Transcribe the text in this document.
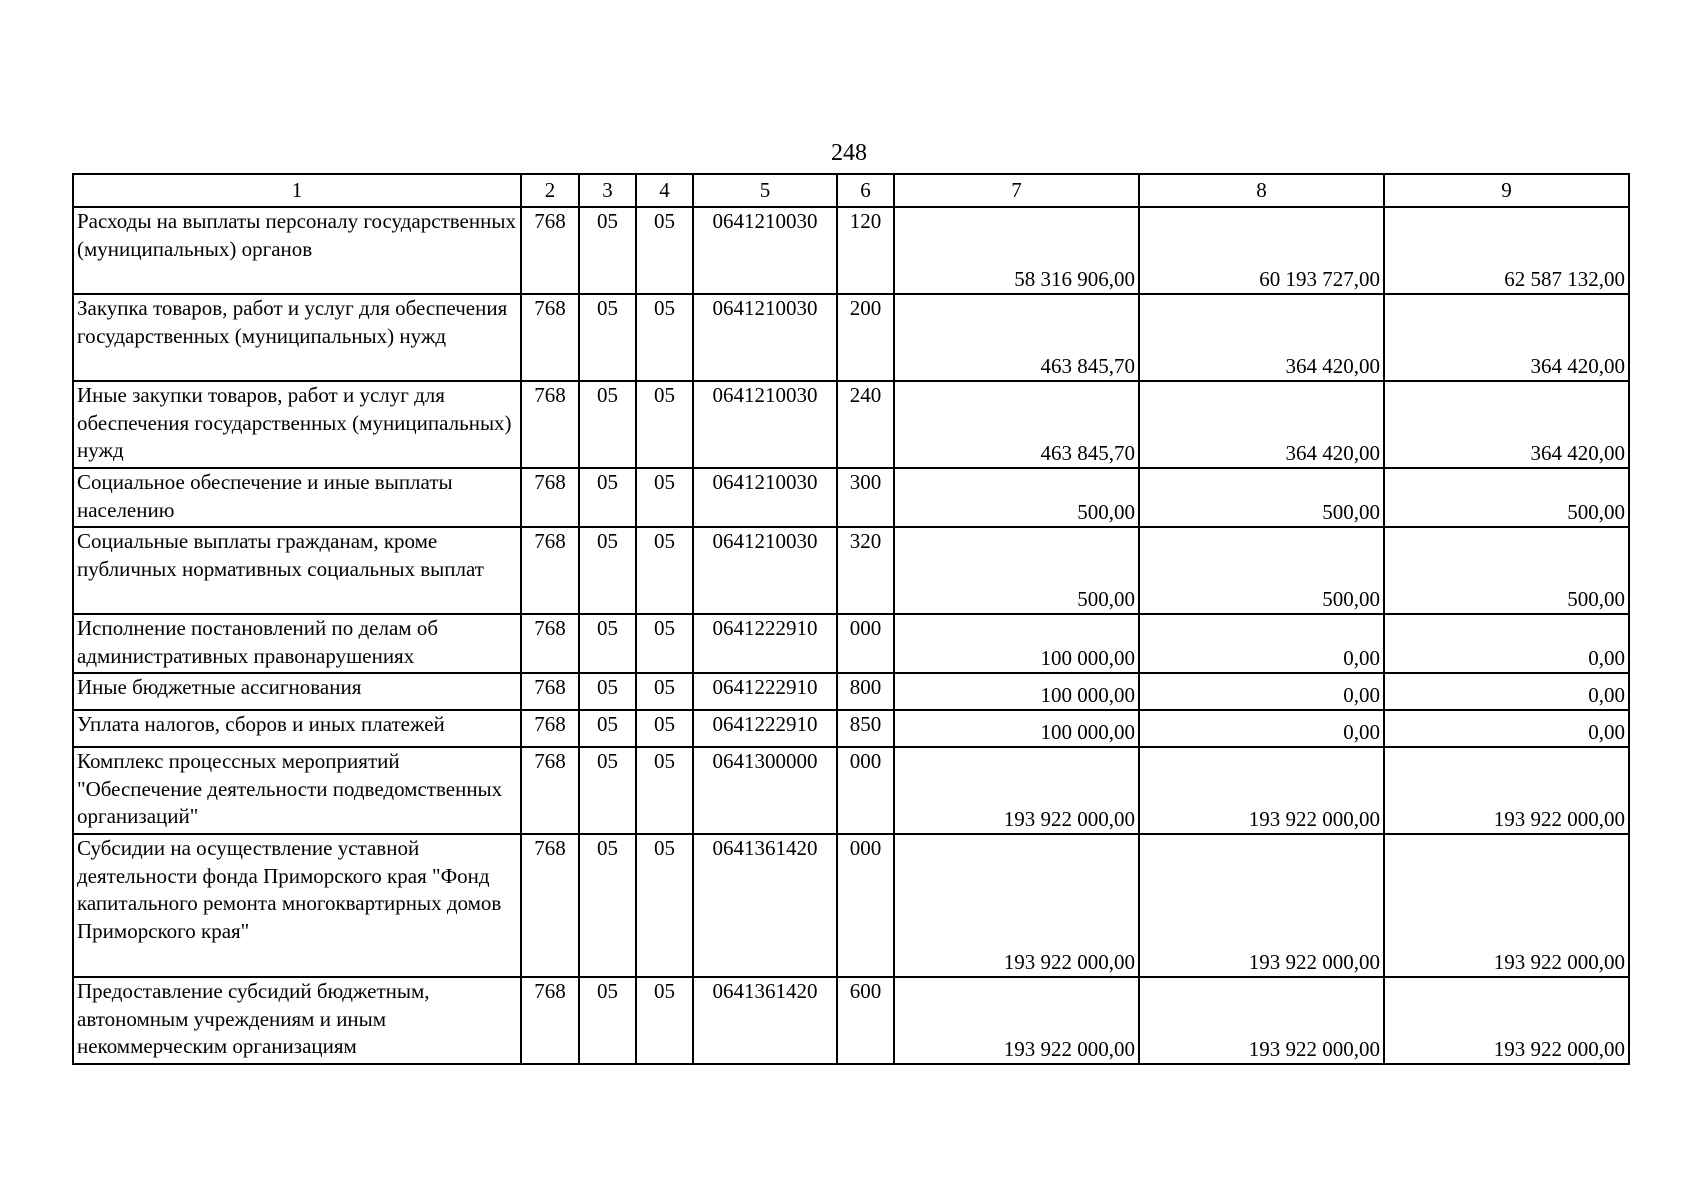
248
1	2	3	4	5	6	7	8	9
Расходы на выплаты персоналу государственных (муниципальных) органов	768	05	05	0641210030	120	58 316 906,00	60 193 727,00	62 587 132,00
Закупка товаров, работ и услуг для обеспечения государственных (муниципальных) нужд	768	05	05	0641210030	200	463 845,70	364 420,00	364 420,00
Иные закупки товаров, работ и услуг для обеспечения государственных (муниципальных) нужд	768	05	05	0641210030	240	463 845,70	364 420,00	364 420,00
Социальное обеспечение и иные выплаты населению	768	05	05	0641210030	300	500,00	500,00	500,00
Социальные выплаты гражданам, кроме публичных нормативных социальных выплат	768	05	05	0641210030	320	500,00	500,00	500,00
Исполнение постановлений по делам об административных правонарушениях	768	05	05	0641222910	000	100 000,00	0,00	0,00
Иные бюджетные ассигнования	768	05	05	0641222910	800	100 000,00	0,00	0,00
Уплата налогов, сборов и иных платежей	768	05	05	0641222910	850	100 000,00	0,00	0,00
Комплекс процессных мероприятий "Обеспечение деятельности подведомственных организаций"	768	05	05	0641300000	000	193 922 000,00	193 922 000,00	193 922 000,00
Субсидии на осуществление уставной деятельности фонда Приморского края "Фонд капитального ремонта многоквартирных домов Приморского края"	768	05	05	0641361420	000	193 922 000,00	193 922 000,00	193 922 000,00
Предоставление субсидий бюджетным, автономным учреждениям и иным некоммерческим организациям	768	05	05	0641361420	600	193 922 000,00	193 922 000,00	193 922 000,00
